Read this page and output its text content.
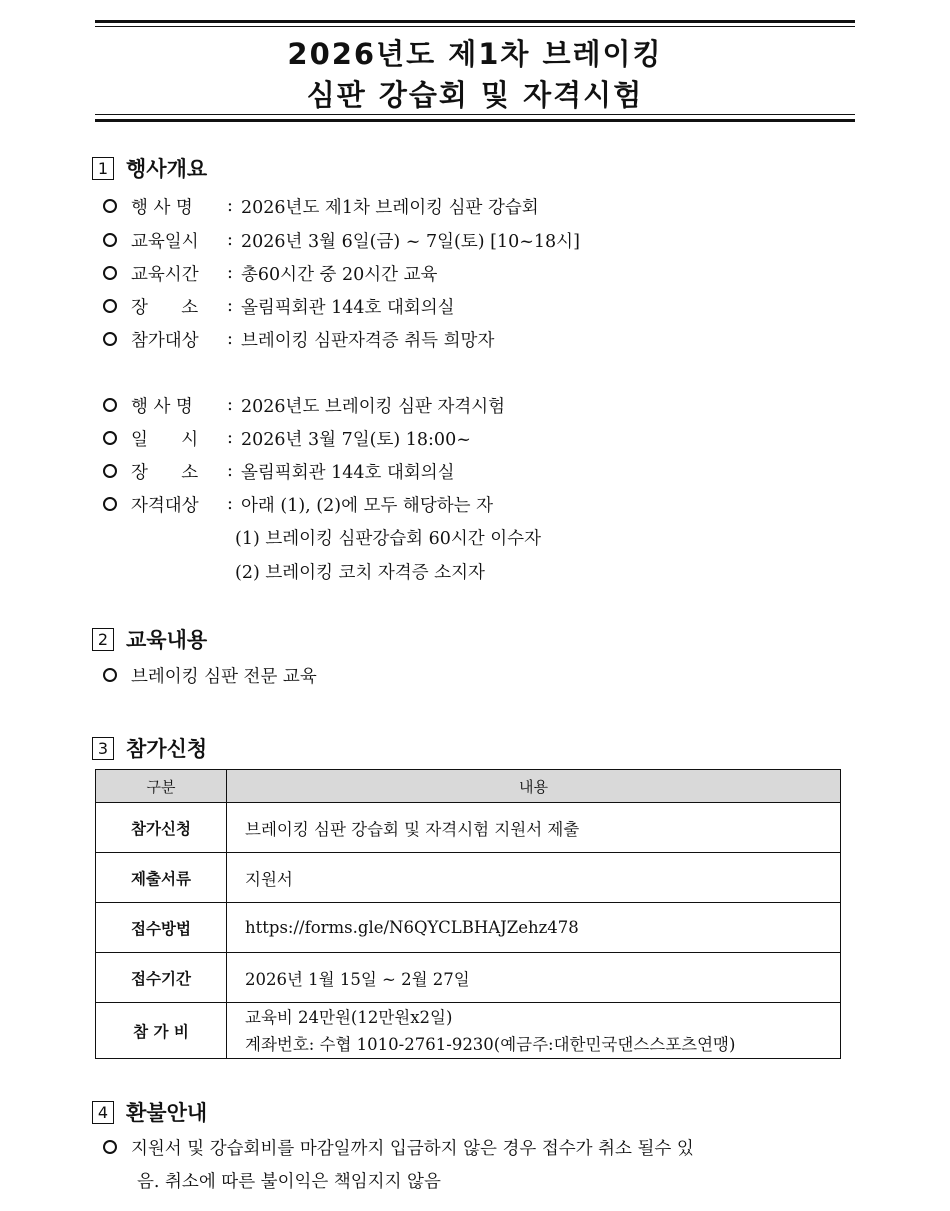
2026년도 제1차 브레이킹
심판 강습회 및 자격시험
1 행사개요
행 사 명	: 2026년도 제1차 브레이킹 심판 강습회
교육일시	: 2026년 3월 6일(금) ~ 7일(토) [10~18시]
교육시간	: 총60시간 중 20시간 교육
장      소	: 올림픽회관 144호 대회의실
참가대상	: 브레이킹 심판자격증 취득 희망자
행 사 명	: 2026년도 브레이킹 심판 자격시험
일      시	: 2026년 3월 7일(토) 18:00~
장      소	: 올림픽회관 144호 대회의실
자격대상	: 아래 (1), (2)에 모두 해당하는 자
(1) 브레이킹 심판강습회 60시간 이수자
(2) 브레이킹 코치 자격증 소지자
2 교육내용
브레이킹 심판 전문 교육
3 참가신청
구분	내용
참가신청	브레이킹 심판 강습회 및 자격시험 지원서 제출
제출서류	지원서
접수방법	https://forms.gle/N6QYCLBHAJZehz478
접수기간	2026년 1월 15일 ~ 2월 27일
참 가 비	교육비 24만원(12만원x2일)
계좌번호: 수협 1010-2761-9230(예금주:대한민국댄스스포츠연맹)
4 환불안내
지원서 및 강습회비를 마감일까지 입금하지 않은 경우 접수가 취소 될수 있
음. 취소에 따른 불이익은 책임지지 않음
